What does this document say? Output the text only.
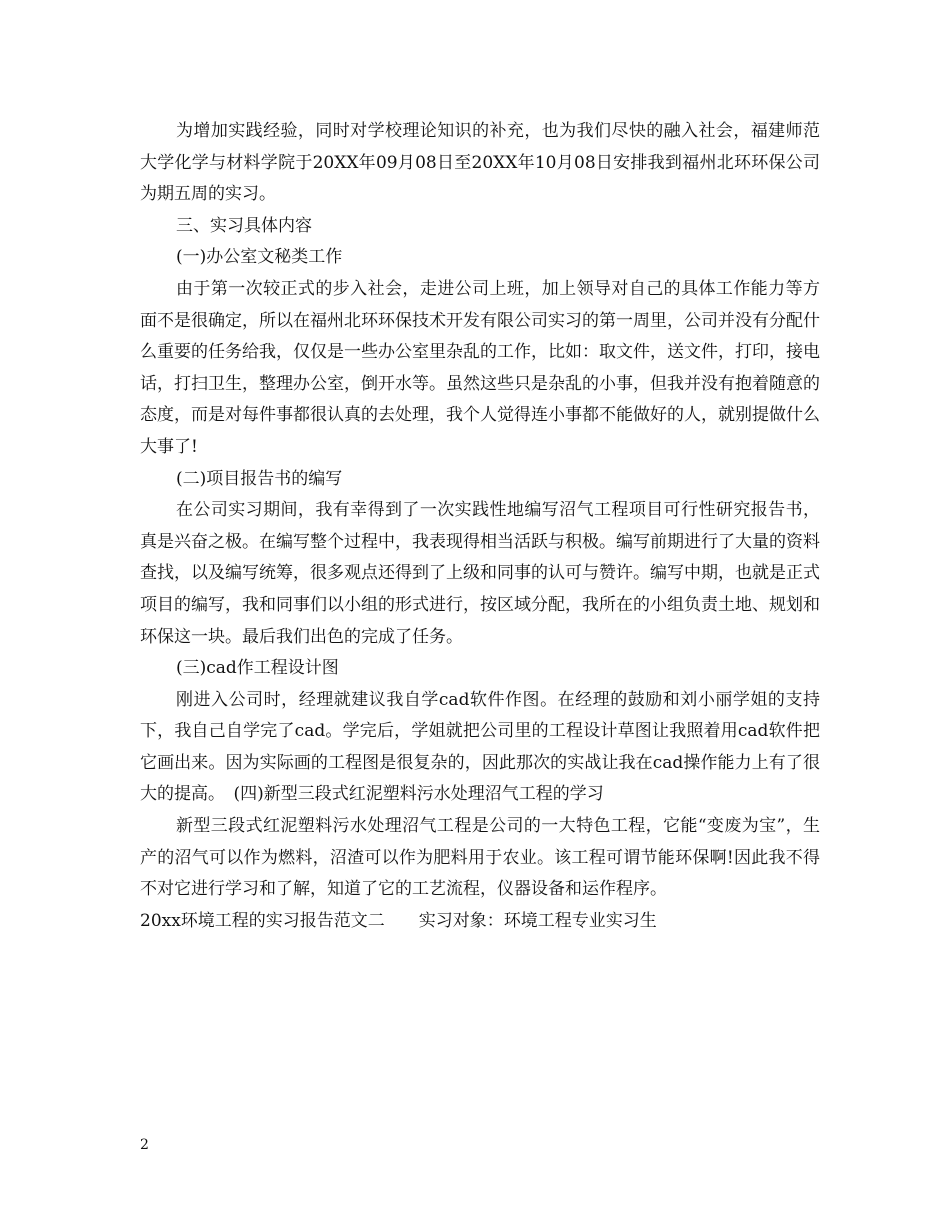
为增加实践经验，同时对学校理论知识的补充，也为我们尽快的融入社会，福建师范大学化学与材料学院于20XX年09月08日至20XX年10月08日安排我到福州北环环保公司为期五周的实习。

三、实习具体内容

(一)办公室文秘类工作

由于第一次较正式的步入社会，走进公司上班，加上领导对自己的具体工作能力等方面不是很确定，所以在福州北环环保技术开发有限公司实习的第一周里，公司并没有分配什么重要的任务给我，仅仅是一些办公室里杂乱的工作，比如：取文件，送文件，打印，接电话，打扫卫生，整理办公室，倒开水等。虽然这些只是杂乱的小事，但我并没有抱着随意的态度，而是对每件事都很认真的去处理，我个人觉得连小事都不能做好的人，就别提做什么大事了!

(二)项目报告书的编写

在公司实习期间，我有幸得到了一次实践性地编写沼气工程项目可行性研究报告书，真是兴奋之极。在编写整个过程中，我表现得相当活跃与积极。编写前期进行了大量的资料查找，以及编写统筹，很多观点还得到了上级和同事的认可与赞许。编写中期，也就是正式项目的编写，我和同事们以小组的形式进行，按区域分配，我所在的小组负责土地、规划和环保这一块。最后我们出色的完成了任务。

(三)cad作工程设计图

刚进入公司时，经理就建议我自学cad软件作图。在经理的鼓励和刘小丽学姐的支持下，我自己自学完了cad。学完后，学姐就把公司里的工程设计草图让我照着用cad软件把它画出来。因为实际画的工程图是很复杂的，因此那次的实战让我在cad操作能力上有了很大的提高。　(四)新型三段式红泥塑料污水处理沼气工程的学习

新型三段式红泥塑料污水处理沼气工程是公司的一大特色工程，它能“变废为宝”，生产的沼气可以作为燃料，沼渣可以作为肥料用于农业。该工程可谓节能环保啊!因此我不得不对它进行学习和了解，知道了它的工艺流程，仪器设备和运作程序。

20xx环境工程的实习报告范文二　　实习对象：环境工程专业实习生

2
